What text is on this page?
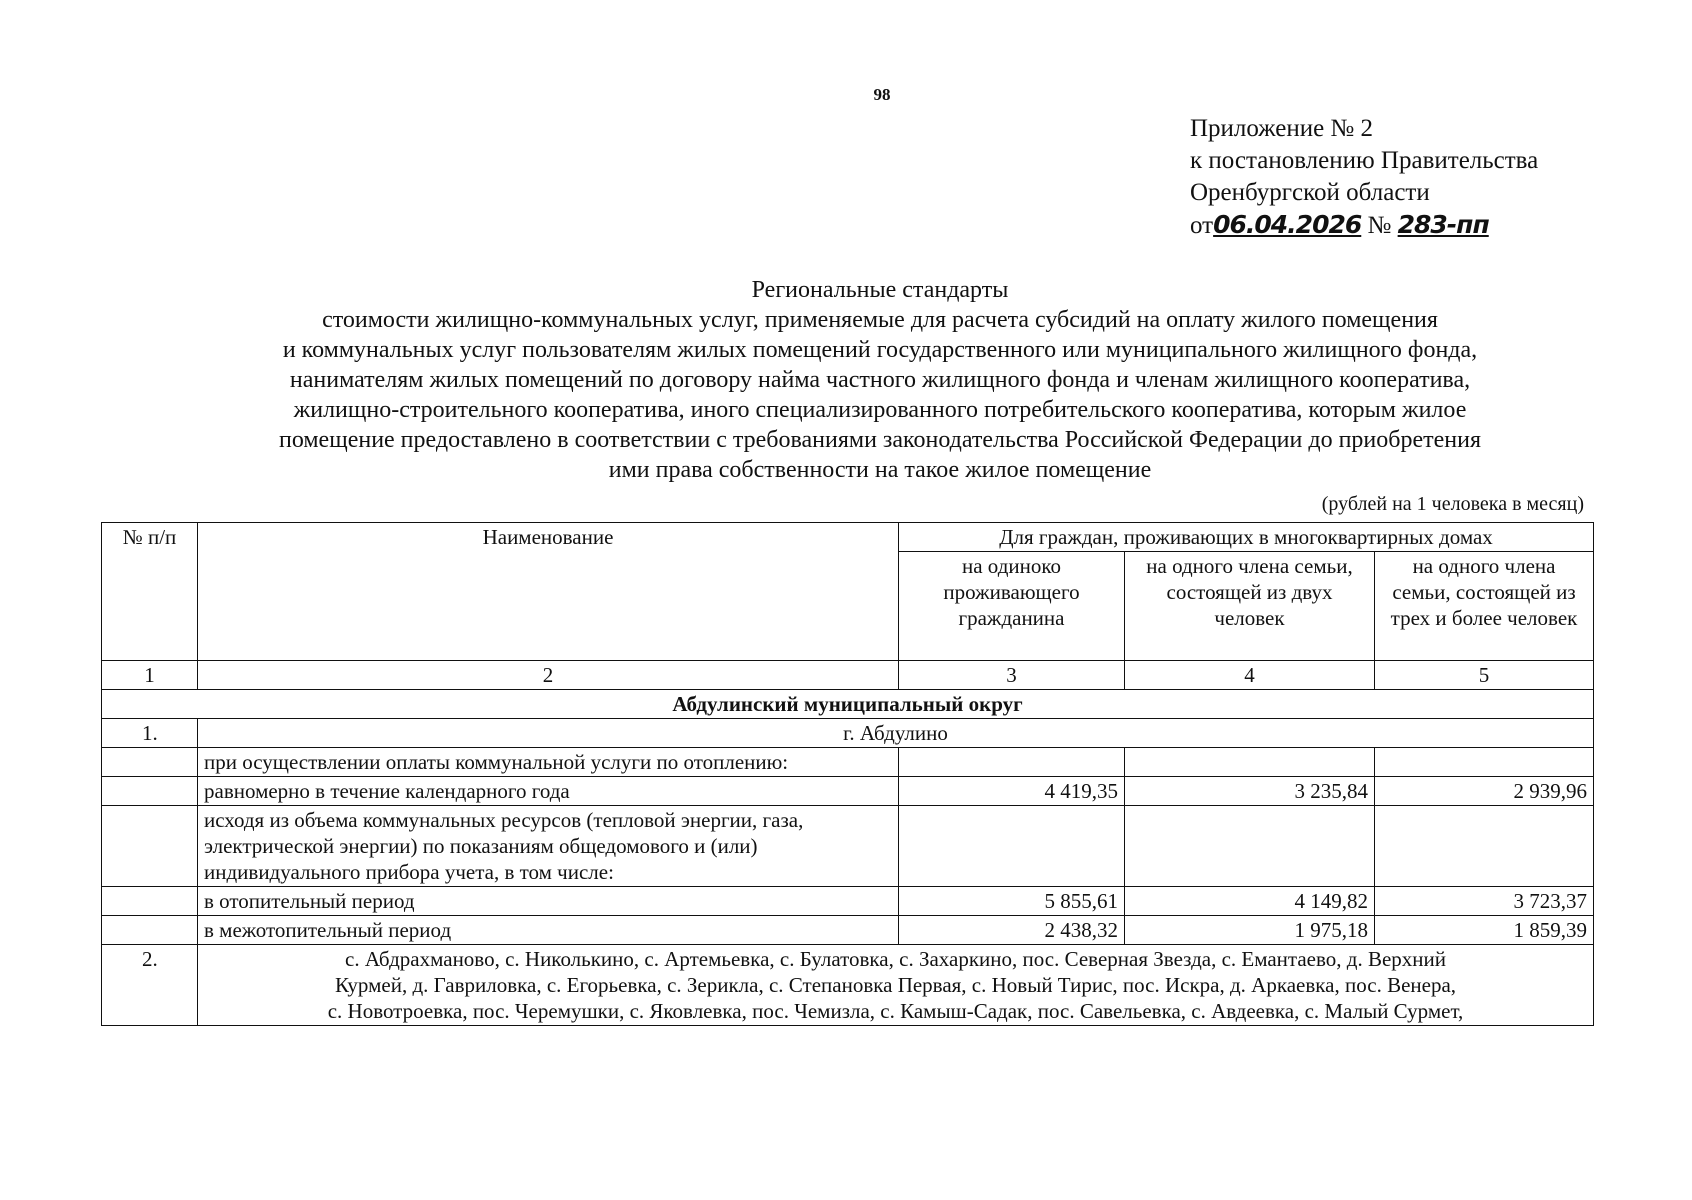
98
Приложение № 2
к постановлению Правительства
Оренбургской области
от06.04.2026 № 283-пп
Региональные стандарты
стоимости жилищно-коммунальных услуг, применяемые для расчета субсидий на оплату жилого помещения
и коммунальных услуг пользователям жилых помещений государственного или муниципального жилищного фонда,
нанимателям жилых помещений по договору найма частного жилищного фонда и членам жилищного кооператива,
жилищно-строительного кооператива, иного специализированного потребительского кооператива, которым жилое
помещение предоставлено в соответствии с требованиями законодательства Российской Федерации до приобретения
ими права собственности на такое жилое помещение
(рублей на 1 человека в месяц)
№ п/п	Наименование	Для граждан, проживающих в многоквартирных домах		
		на одиноко проживающего гражданина	на одного члена семьи, состоящей из двух человек	на одного члена семьи, состоящей из трех и более человек
1	2	3	4	5
Абдулинский муниципальный округ				
1.	г. Абдулино			
	при осуществлении оплаты коммунальной услуги по отоплению:			
	равномерно в течение календарного года	4 419,35	3 235,84	2 939,96
	исходя из объема коммунальных ресурсов (тепловой энергии, газа, электрической энергии) по показаниям общедомового и (или) индивидуального прибора учета, в том числе:			
	в отопительный период	5 855,61	4 149,82	3 723,37
	в межотопительный период	2 438,32	1 975,18	1 859,39
2.	с. Абдрахманово, с. Николькино, с. Артемьевка, с. Булатовка, с. Захаркино, пос. Северная Звезда, с. Емантаево, д. Верхний
Курмей, д. Гавриловка, с. Егорьевка, с. Зерикла, с. Степановка Первая, с. Новый Тирис, пос. Искра, д. Аркаевка, пос. Венера,
с. Новотроевка, пос. Черемушки, с. Яковлевка, пос. Чемизла, с. Камыш-Садак, пос. Савельевка, с. Авдеевка, с. Малый Сурмет,			
